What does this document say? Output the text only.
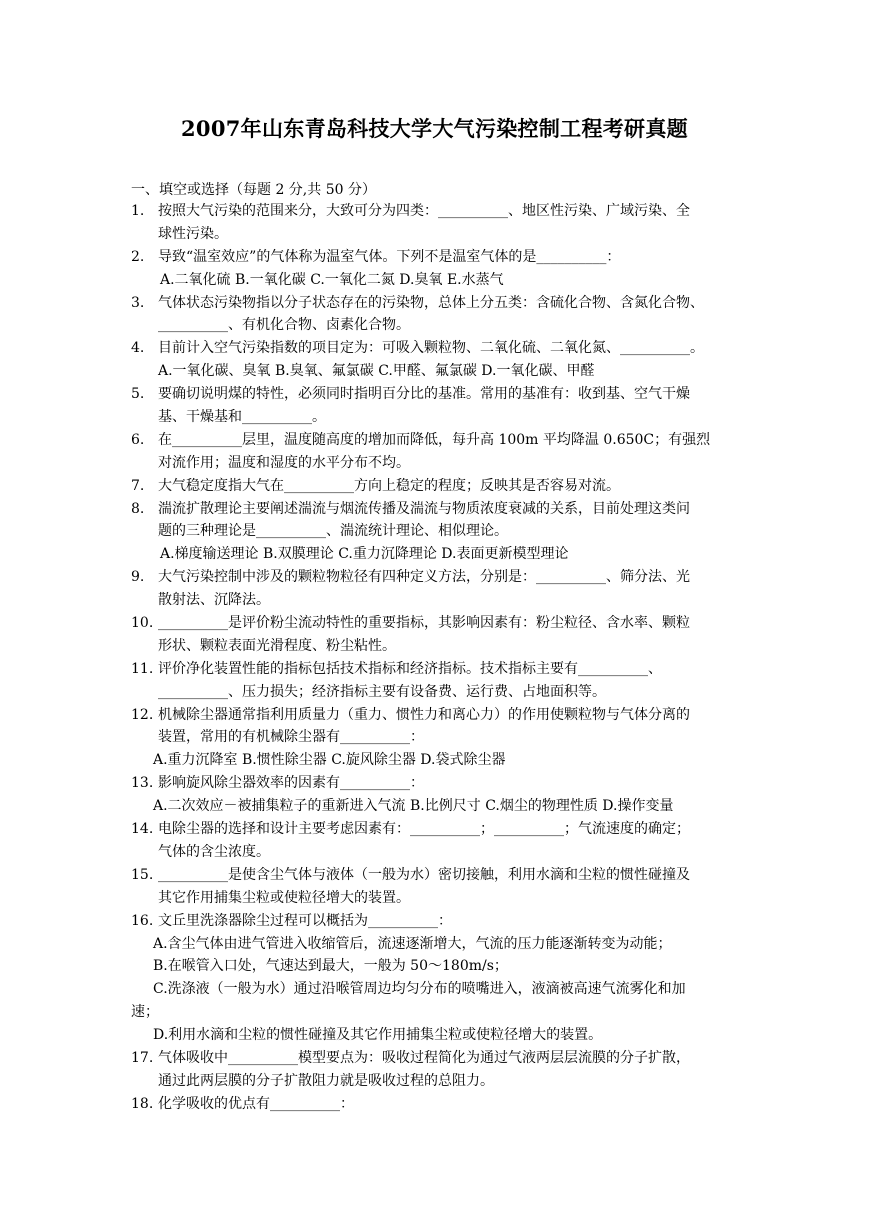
2007年山东青岛科技大学大气污染控制工程考研真题
一、填空或选择（每题 2 分,共 50 分）
1. 按照大气污染的范围来分，大致可分为四类：__________、地区性污染、广域污染、全
球性污染。
2. 导致“温室效应”的气体称为温室气体。下列不是温室气体的是__________：
A.二氧化硫 B.一氧化碳 C.一氧化二氮 D.臭氧 E.水蒸气
3. 气体状态污染物指以分子状态存在的污染物，总体上分五类：含硫化合物、含氮化合物、
__________、有机化合物、卤素化合物。
4. 目前计入空气污染指数的项目定为：可吸入颗粒物、二氧化硫、二氧化氮、__________。
A.一氧化碳、臭氧 B.臭氧、氟氯碳 C.甲醛、氟氯碳 D.一氧化碳、甲醛
5. 要确切说明煤的特性，必须同时指明百分比的基准。常用的基准有：收到基、空气干燥
基、干燥基和__________。
6. 在__________层里，温度随高度的增加而降低，每升高 100m 平均降温 0.650C；有强烈
对流作用；温度和湿度的水平分布不均。
7. 大气稳定度指大气在__________方向上稳定的程度；反映其是否容易对流。
8. 湍流扩散理论主要阐述湍流与烟流传播及湍流与物质浓度衰减的关系，目前处理这类问
题的三种理论是__________、湍流统计理论、相似理论。
A.梯度输送理论 B.双膜理论 C.重力沉降理论 D.表面更新模型理论
9. 大气污染控制中涉及的颗粒物粒径有四种定义方法，分别是：__________、筛分法、光
散射法、沉降法。
10. __________是评价粉尘流动特性的重要指标，其影响因素有：粉尘粒径、含水率、颗粒
形状、颗粒表面光滑程度、粉尘粘性。
11. 评价净化装置性能的指标包括技术指标和经济指标。技术指标主要有__________、
__________、压力损失；经济指标主要有设备费、运行费、占地面积等。
12. 机械除尘器通常指利用质量力（重力、惯性力和离心力）的作用使颗粒物与气体分离的
装置，常用的有机械除尘器有__________：
A.重力沉降室 B.惯性除尘器 C.旋风除尘器 D.袋式除尘器
13. 影响旋风除尘器效率的因素有__________：
A.二次效应－被捕集粒子的重新进入气流 B.比例尺寸 C.烟尘的物理性质 D.操作变量
14. 电除尘器的选择和设计主要考虑因素有：__________；__________；气流速度的确定；
气体的含尘浓度。
15. __________是使含尘气体与液体（一般为水）密切接触，利用水滴和尘粒的惯性碰撞及
其它作用捕集尘粒或使粒径增大的装置。
16. 文丘里洗涤器除尘过程可以概括为__________：
A.含尘气体由进气管进入收缩管后，流速逐渐增大，气流的压力能逐渐转变为动能；
B.在喉管入口处，气速达到最大，一般为 50～180m/s；
C.洗涤液（一般为水）通过沿喉管周边均匀分布的喷嘴进入，液滴被高速气流雾化和加
速；
D.利用水滴和尘粒的惯性碰撞及其它作用捕集尘粒或使粒径增大的装置。
17. 气体吸收中__________模型要点为：吸收过程简化为通过气液两层层流膜的分子扩散，
通过此两层膜的分子扩散阻力就是吸收过程的总阻力。
18. 化学吸收的优点有__________：
